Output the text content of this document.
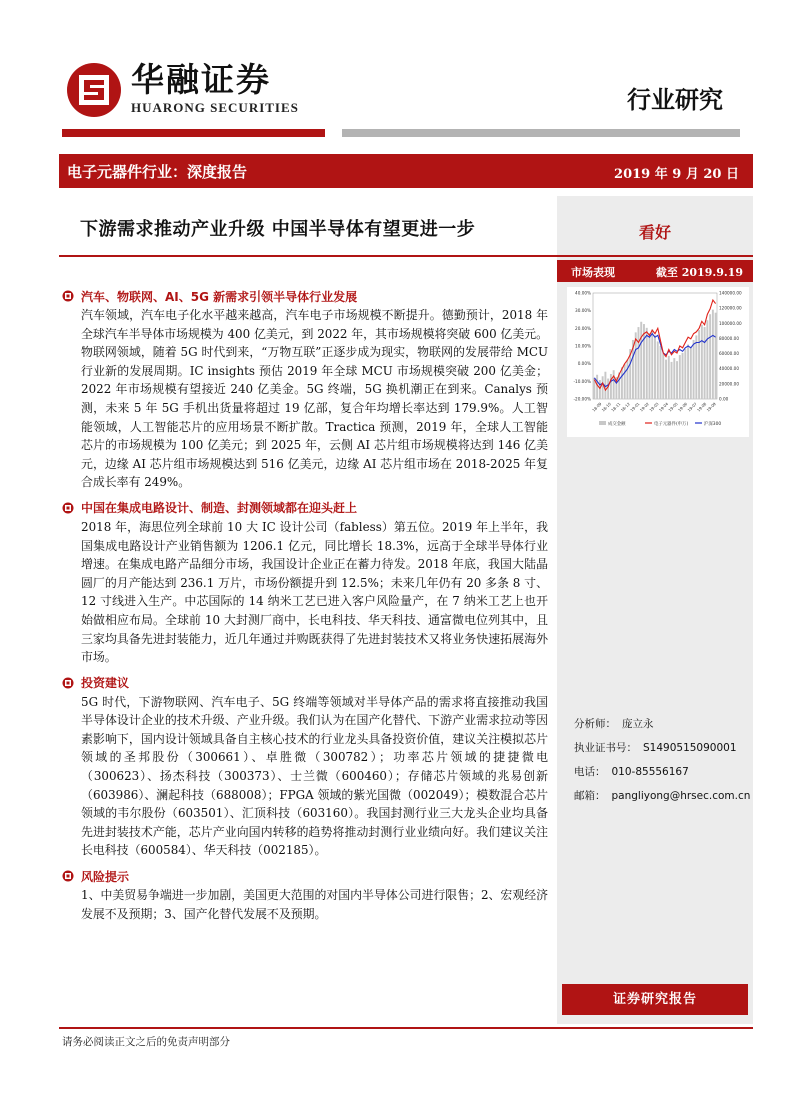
华融证券
HUARONG SECURITIES	行业研究
电子元器件行业：深度报告	2019 年 9 月 20 日
下游需求推动产业升级 中国半导体有望更进一步	看好
市场表现	截至 2019.9.19
40.00%
30.00%
20.00%
10.00%
0.00%
-10.00%
-20.00%
140000.00
120000.00
100000.00
80000.00
60000.00
40000.00
20000.00
0.00
18-09
18-10
18-11
18-12
19-01
19-02
19-03
19-04
19-05
19-06
19-07
19-08
19-09
成交金额	电子元器件(申万)	沪深300
汽车、物联网、AI、5G 新需求引领半导体行业发展

汽车领域，汽车电子化水平越来越高，汽车电子市场规模不断提升。德勤预计，2018 年全球汽车半导体市场规模为 400 亿美元，到 2022 年，其市场规模将突破 600 亿美元。物联网领域，随着 5G 时代到来，“万物互联”正逐步成为现实，物联网的发展带给 MCU 行业新的发展周期。IC insights 预估 2019 年全球 MCU 市场规模突破 200 亿美金；2022 年市场规模有望接近 240 亿美金。5G 终端，5G 换机潮正在到来。Canalys 预测，未来 5 年 5G 手机出货量将超过 19 亿部，复合年均增长率达到 179.9%。人工智能领域，人工智能芯片的应用场景不断扩散。Tractica 预测，2019 年，全球人工智能芯片的市场规模为 100 亿美元；到 2025 年，云侧 AI 芯片组市场规模将达到 146 亿美元，边缘 AI 芯片组市场规模达到 516 亿美元，边缘 AI 芯片组市场在 2018-2025 年复合成长率有 249%。

中国在集成电路设计、制造、封测领域都在迎头赶上

2018 年，海思位列全球前 10 大 IC 设计公司（fabless）第五位。2019 年上半年，我国集成电路设计产业销售额为 1206.1 亿元，同比增长 18.3%，远高于全球半导体行业增速。在集成电路产品细分市场，我国设计企业正在蓄力待发。2018 年底，我国大陆晶圆厂的月产能达到 236.1 万片，市场份额提升到 12.5%；未来几年仍有 20 多条 8 寸、12 寸线进入生产。中芯国际的 14 纳米工艺已进入客户风险量产，在 7 纳米工艺上也开始做相应布局。全球前 10 大封测厂商中，长电科技、华天科技、通富微电位列其中，且三家均具备先进封装能力，近几年通过并购既获得了先进封装技术又将业务快速拓展海外市场。

投资建议

5G 时代，下游物联网、汽车电子、5G 终端等领域对半导体产品的需求将直接推动我国半导体设计企业的技术升级、产业升级。我们认为在国产化替代、下游产业需求拉动等因素影响下，国内设计领域具备自主核心技术的行业龙头具备投资价值，建议关注模拟芯片领域的圣邦股份（300661）、卓胜微（300782）；功率芯片领域的捷捷微电（300623）、扬杰科技（300373）、士兰微（600460）；存储芯片领域的兆易创新（603986）、澜起科技（688008）；FPGA 领域的紫光国微（002049）；模数混合芯片领域的韦尔股份（603501）、汇顶科技（603160）。我国封测行业三大龙头企业均具备先进封装技术产能，芯片产业向国内转移的趋势将推动封测行业业绩向好。我们建议关注长电科技（600584）、华天科技（002185）。

风险提示

1、中美贸易争端进一步加剧，美国更大范围的对国内半导体公司进行限售；2、宏观经济发展不及预期；3、国产化替代发展不及预期。

分析师： 庞立永
执业证书号： S1490515090001
电话： 010-85556167
邮箱： pangliyong@hrsec.com.cn
证券研究报告
请务必阅读正文之后的免责声明部分
